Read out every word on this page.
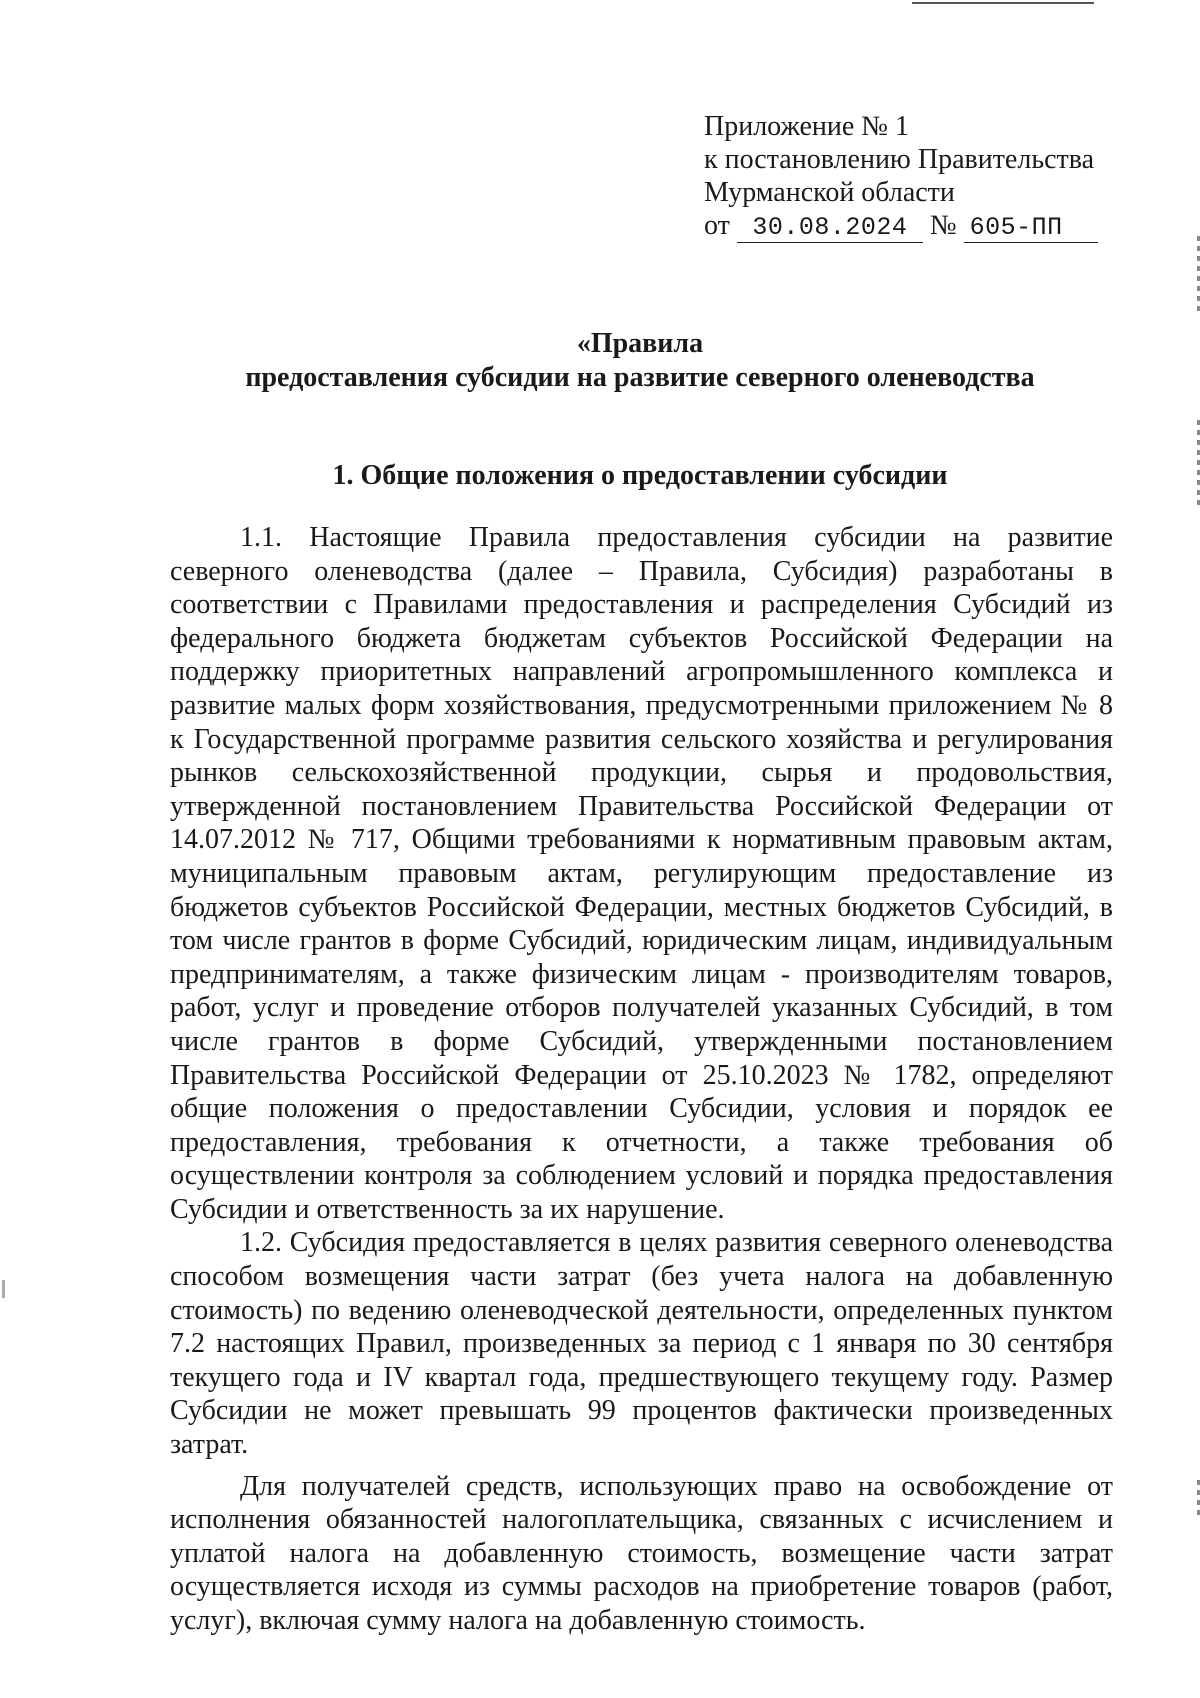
Приложение № 1
к постановлению Правительства
Мурманской области
от 30.08.2024 № 605-ПП
«Правила
предоставления субсидии на развитие северного оленеводства
1. Общие положения о предоставлении субсидии

1.1. Настоящие Правила предоставления субсидии на развитие северного оленеводства (далее – Правила, Субсидия) разработаны в соответствии с Правилами предоставления и распределения Субсидий из федерального бюджета бюджетам субъектов Российской Федерации на поддержку приоритетных направлений агропромышленного комплекса и развитие малых форм хозяйствования, предусмотренными приложением № 8 к Государственной программе развития сельского хозяйства и регулирования рынков сельскохозяйственной продукции, сырья и продовольствия, утвержденной постановлением Правительства Российской Федерации от 14.07.2012 № 717, Общими требованиями к нормативным правовым актам, муниципальным правовым актам, регулирующим предоставление из бюджетов субъектов Российской Федерации, местных бюджетов Субсидий, в том числе грантов в форме Субсидий, юридическим лицам, индивидуальным предпринимателям, а также физическим лицам - производителям товаров, работ, услуг и проведение отборов получателей указанных Субсидий, в том числе грантов в форме Субсидий, утвержденными постановлением Правительства Российской Федерации от 25.10.2023 № 1782, определяют общие положения о предоставлении Субсидии, условия и порядок ее предоставления, требования к отчетности, а также требования об осуществлении контроля за соблюдением условий и порядка предоставления Субсидии и ответственность за их нарушение.

1.2. Субсидия предоставляется в целях развития северного оленеводства способом возмещения части затрат (без учета налога на добавленную стоимость) по ведению оленеводческой деятельности, определенных пунктом 7.2 настоящих Правил, произведенных за период с 1 января по 30 сентября текущего года и IV квартал года, предшествующего текущему году. Размер Субсидии не может превышать 99 процентов фактически произведенных затрат.

Для получателей средств, использующих право на освобождение от исполнения обязанностей налогоплательщика, связанных с исчислением и уплатой налога на добавленную стоимость, возмещение части затрат осуществляется исходя из суммы расходов на приобретение товаров (работ, услуг), включая сумму налога на добавленную стоимость.
